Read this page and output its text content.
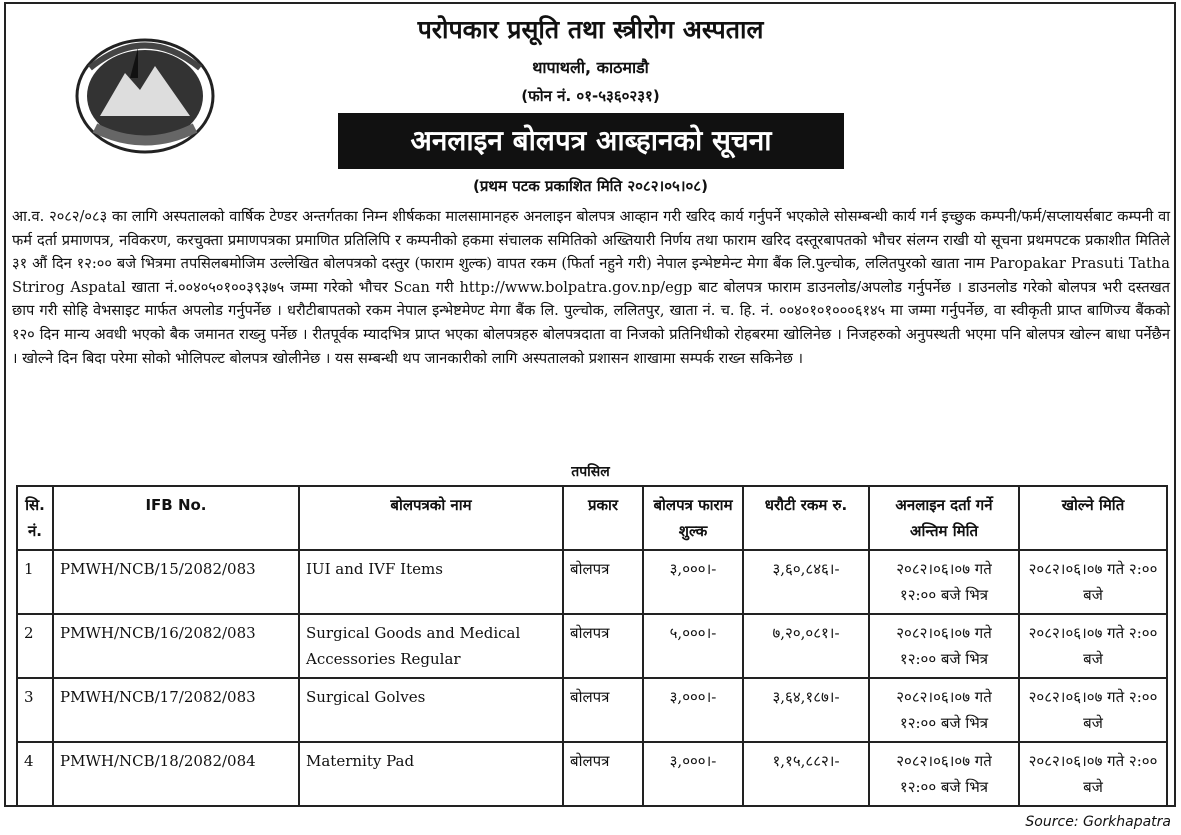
परोपकार प्रसूति तथा स्त्रीरोग अस्पताल
थापाथली, काठमाडौ
(फोन नं. ०१-५३६०२३१)
अनलाइन बोलपत्र आब्हानको सूचना
(प्रथम पटक प्रकाशित मिति २०८२।०५।०८)
आ.व. २०८२/०८३ का लागि अस्पतालको वार्षिक टेण्डर अन्तर्गतका निम्न शीर्षकका मालसामानहरु अनलाइन बोलपत्र आव्हान गरी खरिद कार्य गर्नुपर्ने भएकोले सोसम्बन्धी कार्य गर्न इच्छुक कम्पनी/फर्म/सप्लायर्सबाट कम्पनी वा फर्म दर्ता प्रमाणपत्र, नविकरण, करचुक्ता प्रमाणपत्रका प्रमाणित प्रतिलिपि र कम्पनीको हकमा संचालक समितिको अख्तियारी निर्णय तथा फाराम खरिद दस्तूरबापतको भौचर संलग्न राखी यो सूचना प्रथमपटक प्रकाशीत मितिले ३१ औं दिन १२:०० बजे भित्रमा तपसिलबमोजिम उल्लेखित बोलपत्रको दस्तुर (फाराम शुल्क) वापत रकम (फिर्ता नहुने गरी) नेपाल इन्भेष्टमेन्ट मेगा बैंक लि.पुल्चोक, ललितपुरको खाता नाम Paropakar Prasuti Tatha Strirog Aspatal खाता नं.००४०५०१००३९३७५ जम्मा गरेको भौचर Scan गरी http://www.bolpatra.gov.np/egp बाट बोलपत्र फाराम डाउनलोड/अपलोड गर्नुपर्नेछ । डाउनलोड गरेको बोलपत्र भरी दस्तखत छाप गरी सोहि वेभसाइट मार्फत अपलोड गर्नुपर्नेछ । धरौटीबापतको रकम नेपाल इन्भेष्टमेण्ट मेगा बैंक लि. पुल्चोक, ललितपुर, खाता नं. च. हि. नं. ००४०१०१०००६१४५ मा जम्मा गर्नुपर्नेछ, वा स्वीकृती प्राप्त बाणिज्य बैंकको १२० दिन मान्य अवधी भएको बैक जमानत राख्नु पर्नेछ । रीतपूर्वक म्यादभित्र प्राप्त भएका बोलपत्रहरु बोलपत्रदाता वा निजको प्रतिनिधीको रोहबरमा खोलिनेछ । निजहरुको अनुपस्थती भएमा पनि बोलपत्र खोल्न बाधा पर्नेछैन । खोल्ने दिन बिदा परेमा सोको भोलिपल्ट बोलपत्र खोलीनेछ । यस सम्बन्धी थप जानकारीको लागि अस्पतालको प्रशासन शाखामा सम्पर्क राख्न सकिनेछ ।
तपसिल
सि. नं.	IFB No.	बोलपत्रको नाम	प्रकार	बोलपत्र फाराम शुल्क	धरौटी रकम रु.	अनलाइन दर्ता गर्ने अन्तिम मिति	खोल्ने मिति
1	PMWH/NCB/15/2082/083	IUI and IVF Items	बोलपत्र	३,०००।-	३,६०,८४६।-	२०८२।०६।०७ गते १२:०० बजे भित्र	२०८२।०६।०७ गते २:०० बजे
2	PMWH/NCB/16/2082/083	Surgical Goods and Medical Accessories Regular	बोलपत्र	५,०००।-	७,२०,०८१।-	२०८२।०६।०७ गते १२:०० बजे भित्र	२०८२।०६।०७ गते २:०० बजे
3	PMWH/NCB/17/2082/083	Surgical Golves	बोलपत्र	३,०००।-	३,६४,१८७।-	२०८२।०६।०७ गते १२:०० बजे भित्र	२०८२।०६।०७ गते २:०० बजे
4	PMWH/NCB/18/2082/084	Maternity Pad	बोलपत्र	३,०००।-	१,१५,८८२।-	२०८२।०६।०७ गते १२:०० बजे भित्र	२०८२।०६।०७ गते २:०० बजे
Source: Gorkhapatra
